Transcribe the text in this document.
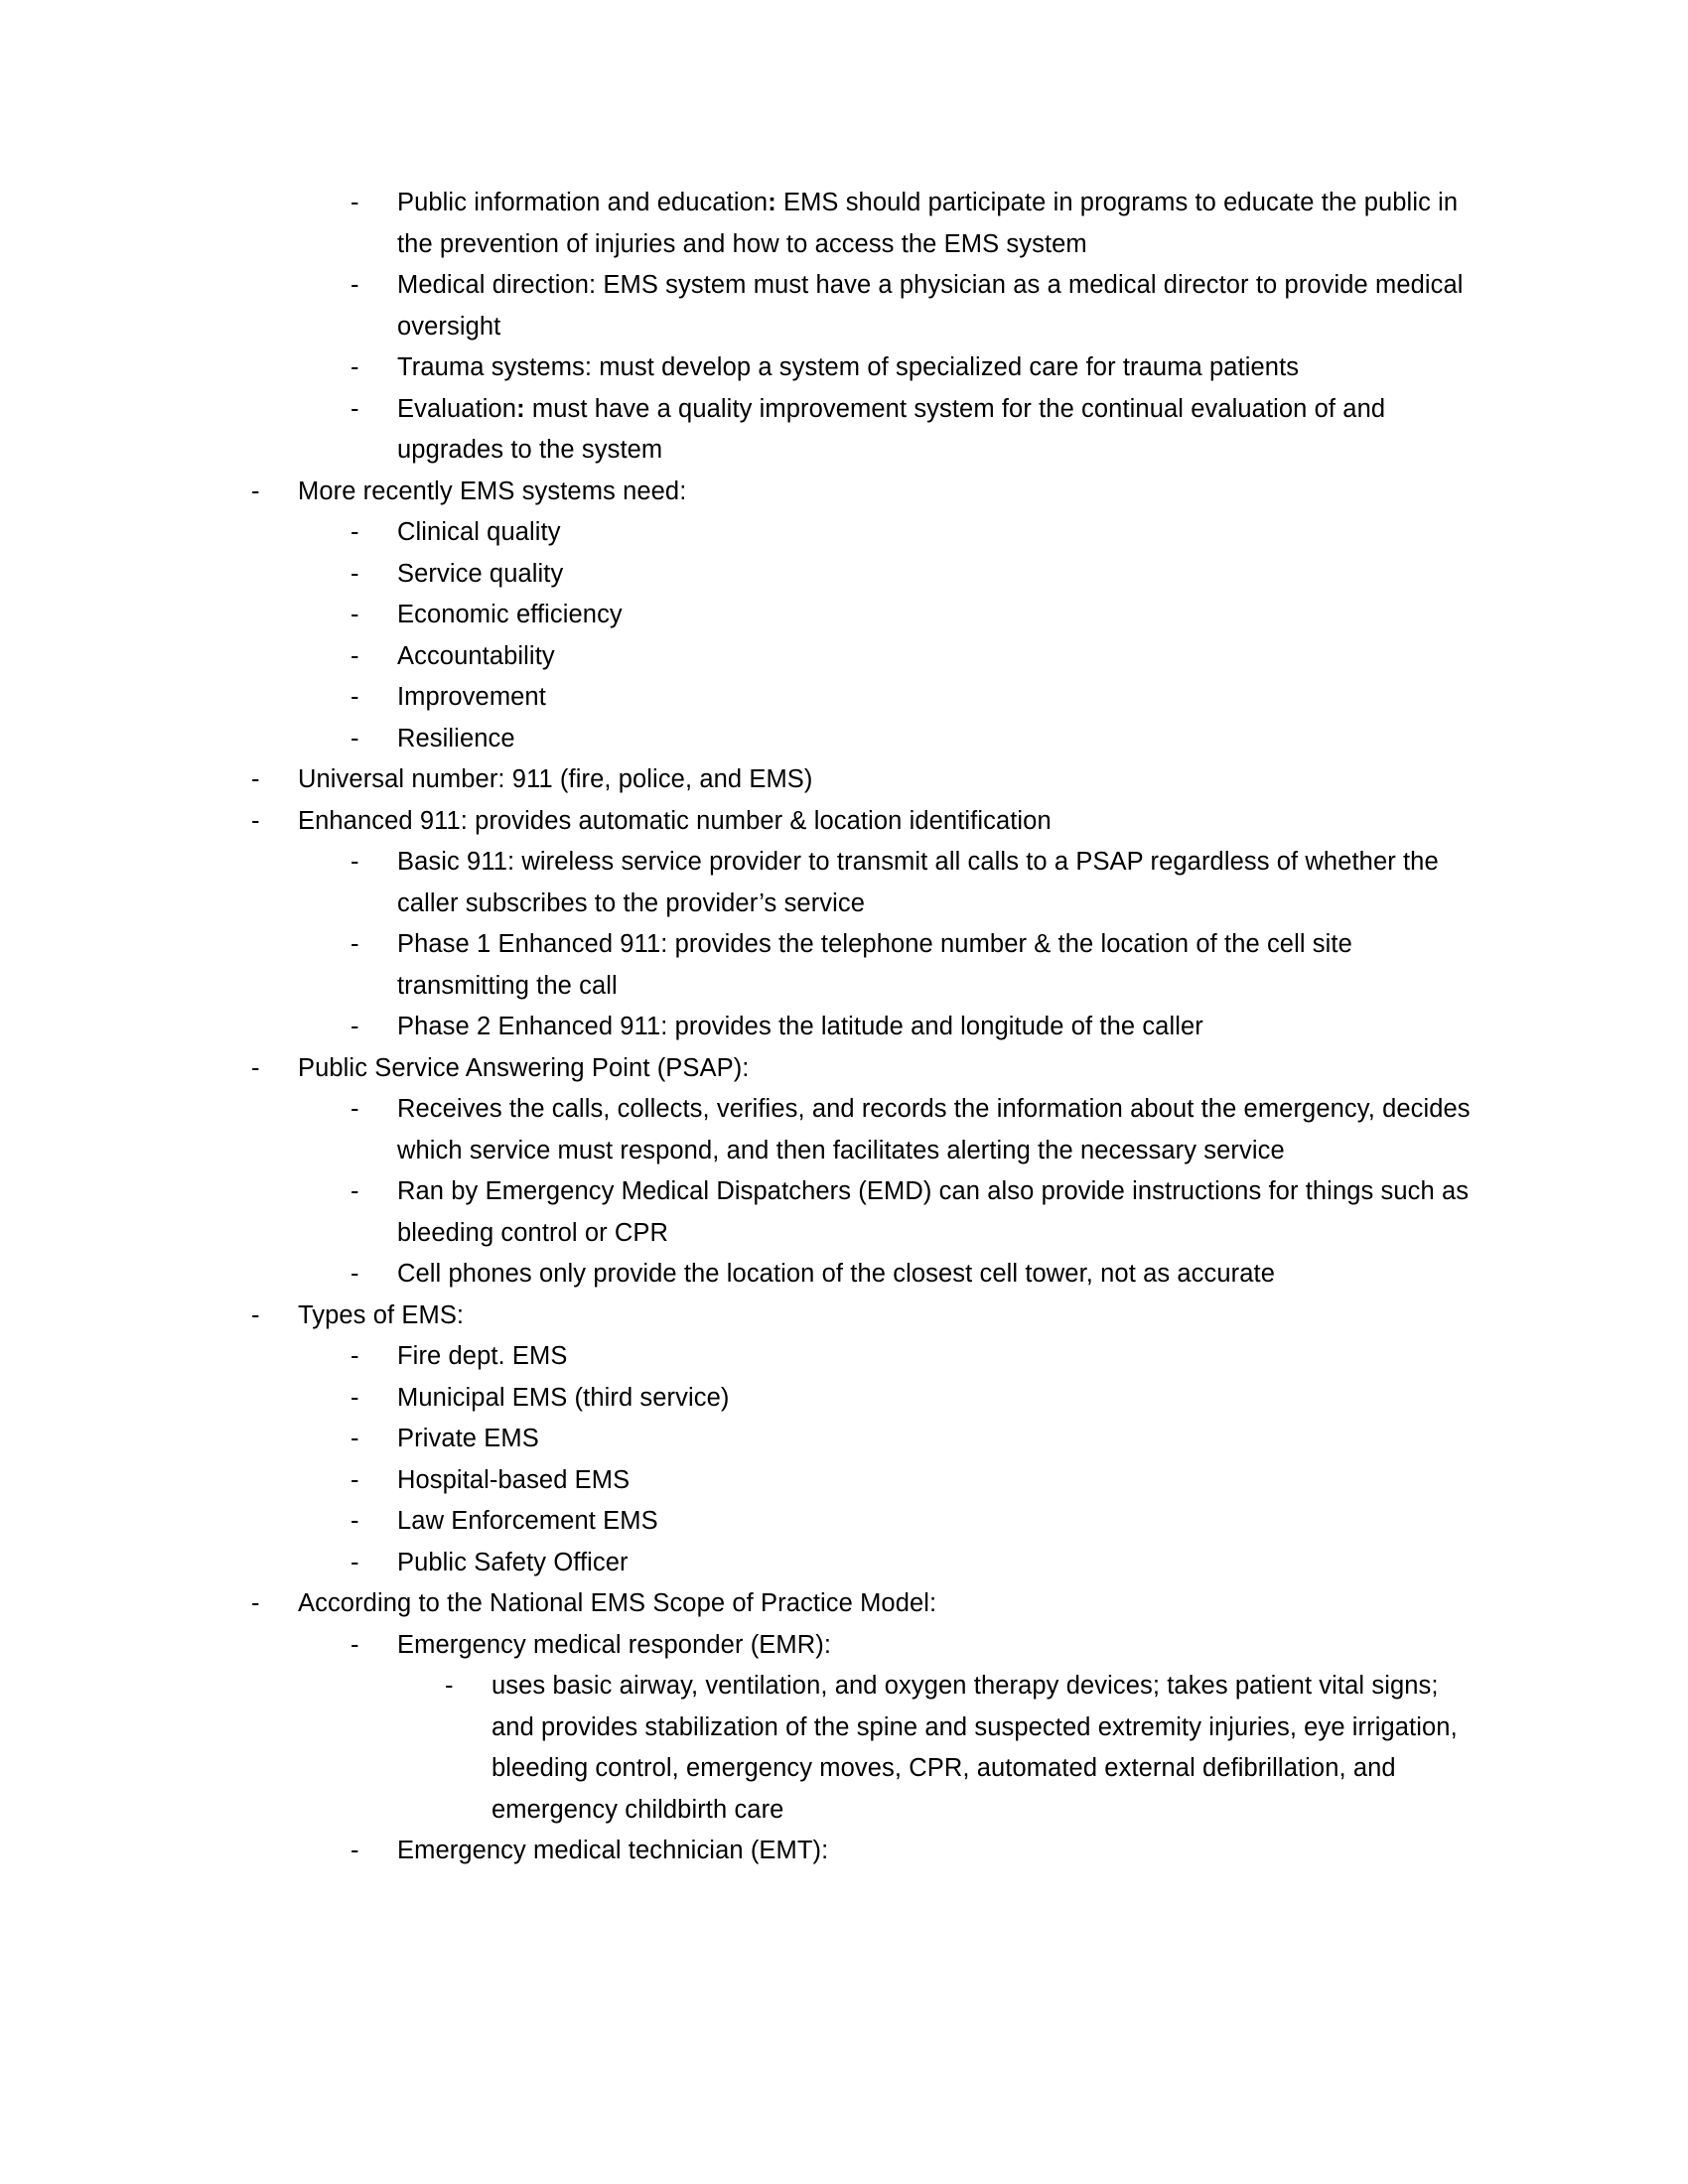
-	Public information and education: EMS should participate in programs to educate the public in the prevention of injuries and how to access the EMS system
-	Medical direction: EMS system must have a physician as a medical director to provide medical oversight
-	Trauma systems: must develop a system of specialized care for trauma patients
-	Evaluation: must have a quality improvement system for the continual evaluation of and upgrades to the system
-	More recently EMS systems need:
-	Clinical quality
-	Service quality
-	Economic efficiency
-	Accountability
-	Improvement
-	Resilience
-	Universal number: 911 (fire, police, and EMS)
-	Enhanced 911: provides automatic number & location identification
-	Basic 911: wireless service provider to transmit all calls to a PSAP regardless of whether the caller subscribes to the provider’s service
-	Phase 1 Enhanced 911: provides the telephone number & the location of the cell site transmitting the call
-	Phase 2 Enhanced 911: provides the latitude and longitude of the caller
-	Public Service Answering Point (PSAP):
-	Receives the calls, collects, verifies, and records the information about the emergency, decides which service must respond, and then facilitates alerting the necessary service
-	Ran by Emergency Medical Dispatchers (EMD) can also provide instructions for things such as bleeding control or CPR
-	Cell phones only provide the location of the closest cell tower, not as accurate
-	Types of EMS:
-	Fire dept. EMS
-	Municipal EMS (third service)
-	Private EMS
-	Hospital-based EMS
-	Law Enforcement EMS
-	Public Safety Officer
-	According to the National EMS Scope of Practice Model:
-	Emergency medical responder (EMR):
-	uses basic airway, ventilation, and oxygen therapy devices; takes patient vital signs; and provides stabilization of the spine and suspected extremity injuries, eye irrigation, bleeding control, emergency moves, CPR, automated external defibrillation, and emergency childbirth care
-	Emergency medical technician (EMT):
